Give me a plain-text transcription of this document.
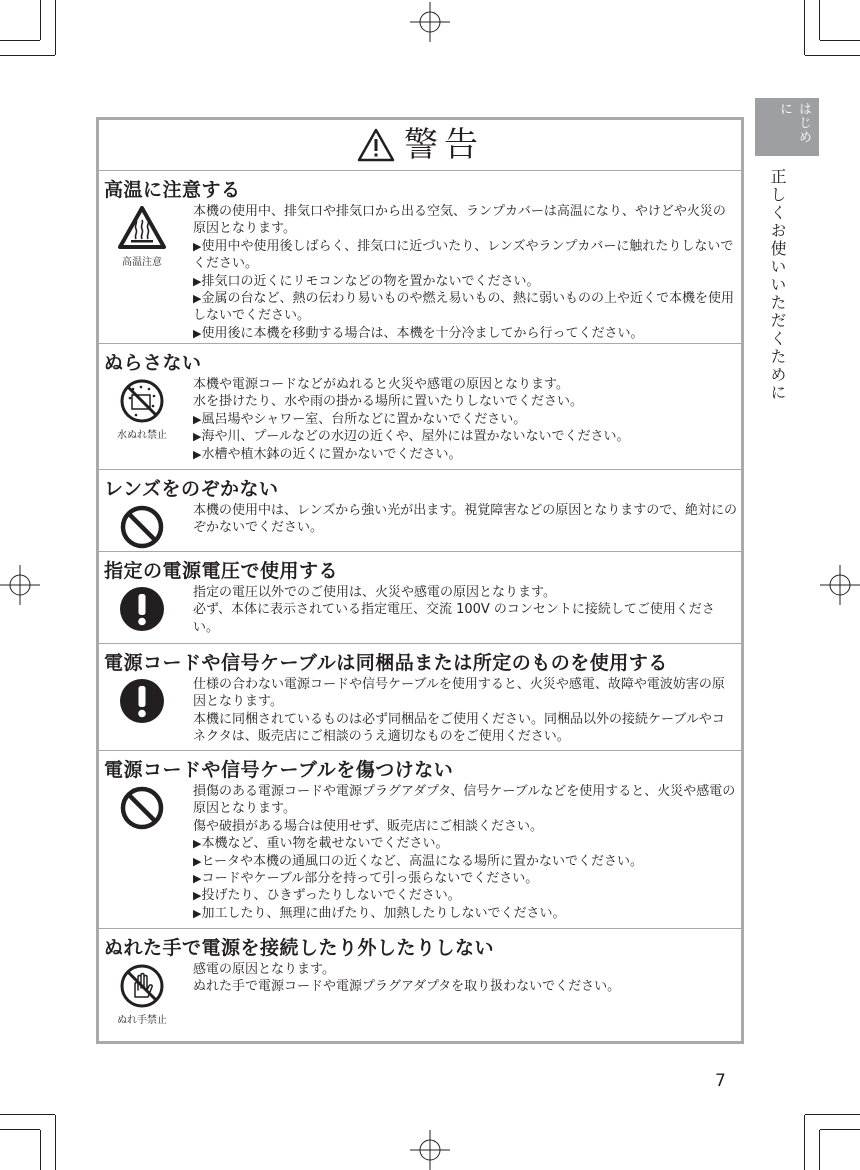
はじめに
正しくお使いいただくために
警告
高温に注意する
高温注意

本機の使用中、排気口や排気口から出る空気、ランプカバーは高温になり、やけどや火災の原因となります。

▶ 使用中や使用後しばらく、排気口に近づいたり、レンズやランプカバーに触れたりしないでください。

▶ 排気口の近くにリモコンなどの物を置かないでください。

▶ 金属の台など、熱の伝わり易いものや燃え易いもの、熱に弱いものの上や近くで本機を使用しないでください。

▶ 使用後に本機を移動する場合は、本機を十分冷ましてから行ってください。

ぬらさない
水ぬれ禁止

本機や電源コードなどがぬれると火災や感電の原因となります。

水を掛けたり、水や雨の掛かる場所に置いたりしないでください。

▶ 風呂場やシャワー室、台所などに置かないでください。

▶ 海や川、プールなどの水辺の近くや、屋外には置かないないでください。

▶ 水槽や植木鉢の近くに置かないでください。

レンズをのぞかない

本機の使用中は、レンズから強い光が出ます。視覚障害などの原因となりますので、絶対にのぞかないでください。

指定の電源電圧で使用する

指定の電圧以外でのご使用は、火災や感電の原因となります。

必ず、本体に表示されている指定電圧、交流 100V のコンセントに接続してご使用ください。

電源コードや信号ケーブルは同梱品または所定のものを使用する

仕様の合わない電源コードや信号ケーブルを使用すると、火災や感電、故障や電波妨害の原因となります。

本機に同梱されているものは必ず同梱品をご使用ください。同梱品以外の接続ケーブルやコネクタは、販売店にご相談のうえ適切なものをご使用ください。

電源コードや信号ケーブルを傷つけない

損傷のある電源コードや電源プラグアダプタ、信号ケーブルなどを使用すると、火災や感電の原因となります。

傷や破損がある場合は使用せず、販売店にご相談ください。

▶ 本機など、重い物を載せないでください。

▶ ヒータや本機の通風口の近くなど、高温になる場所に置かないでください。

▶ コードやケーブル部分を持って引っ張らないでください。

▶ 投げたり、ひきずったりしないでください。

▶ 加工したり、無理に曲げたり、加熱したりしないでください。

ぬれた手で電源を接続したり外したりしない
ぬれ手禁止

感電の原因となります。

ぬれた手で電源コードや電源プラグアダプタを取り扱わないでください。

7
